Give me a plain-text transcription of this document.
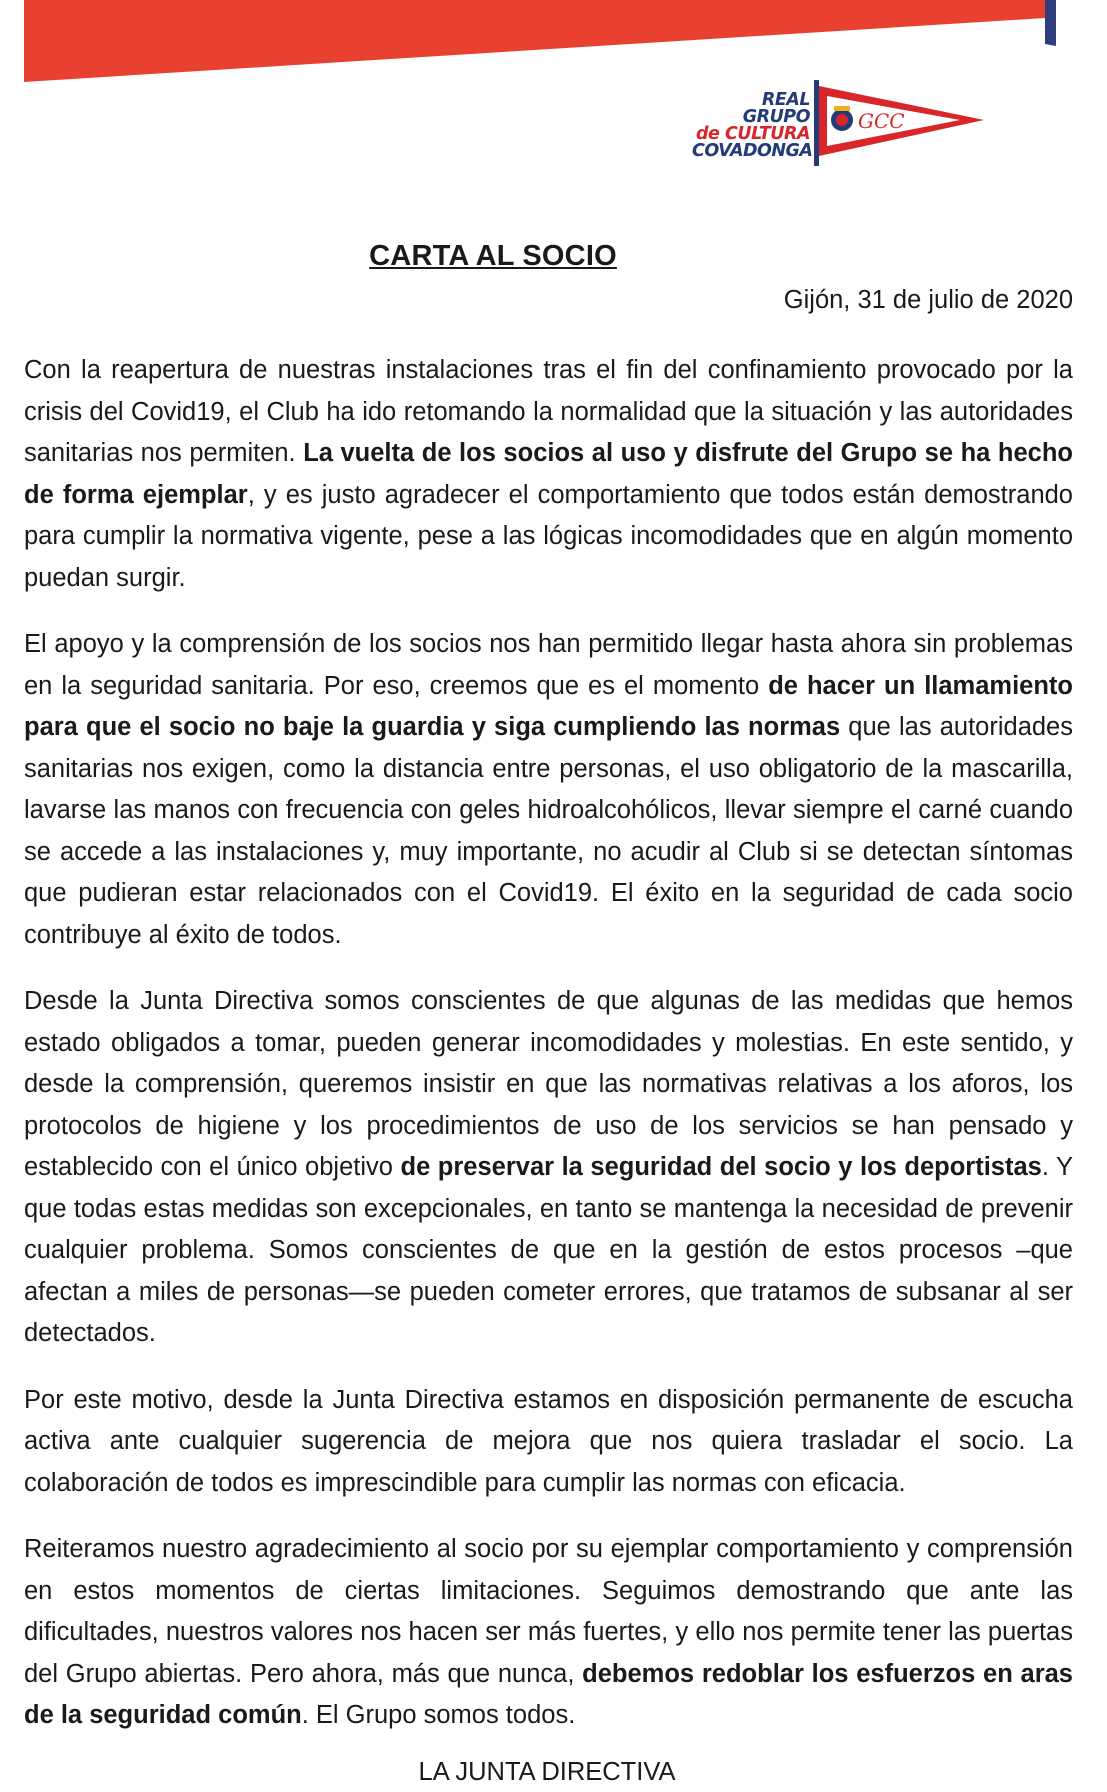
REAL GRUPO
de CULTURA
COVADONGA
GCC
CARTA AL SOCIO
Gijón, 31 de julio de 2020

Con la reapertura de nuestras instalaciones tras el fin del confinamiento provocado por la crisis del Covid19, el Club ha ido retomando la normalidad que la situación y las autoridades sanitarias nos permiten. La vuelta de los socios al uso y disfrute del Grupo se ha hecho de forma ejemplar, y es justo agradecer el comportamiento que todos están demostrando para cumplir la normativa vigente, pese a las lógicas incomodidades que en algún momento puedan surgir.

El apoyo y la comprensión de los socios nos han permitido llegar hasta ahora sin problemas en la seguridad sanitaria. Por eso, creemos que es el momento de hacer un llamamiento para que el socio no baje la guardia y siga cumpliendo las normas que las autoridades sanitarias nos exigen, como la distancia entre personas, el uso obligatorio de la mascarilla, lavarse las manos con frecuencia con geles hidroalcohólicos, llevar siempre el carné cuando se accede a las instalaciones y, muy importante, no acudir al Club si se detectan síntomas que pudieran estar relacionados con el Covid19. El éxito en la seguridad de cada socio contribuye al éxito de todos.

Desde la Junta Directiva somos conscientes de que algunas de las medidas que hemos estado obligados a tomar, pueden generar incomodidades y molestias. En este sentido, y desde la comprensión, queremos insistir en que las normativas relativas a los aforos, los protocolos de higiene y los procedimientos de uso de los servicios se han pensado y establecido con el único objetivo de preservar la seguridad del socio y los deportistas. Y que todas estas medidas son excepcionales, en tanto se mantenga la necesidad de prevenir cualquier problema. Somos conscientes de que en la gestión de estos procesos –que afectan a miles de personas—se pueden cometer errores, que tratamos de subsanar al ser detectados.

Por este motivo, desde la Junta Directiva estamos en disposición permanente de escucha activa ante cualquier sugerencia de mejora que nos quiera trasladar el socio. La colaboración de todos es imprescindible para cumplir las normas con eficacia.

Reiteramos nuestro agradecimiento al socio por su ejemplar comportamiento y comprensión en estos momentos de ciertas limitaciones. Seguimos demostrando que ante las dificultades, nuestros valores nos hacen ser más fuertes, y ello nos permite tener las puertas del Grupo abiertas. Pero ahora, más que nunca, debemos redoblar los esfuerzos en aras de la seguridad común. El Grupo somos todos.

LA JUNTA DIRECTIVA
